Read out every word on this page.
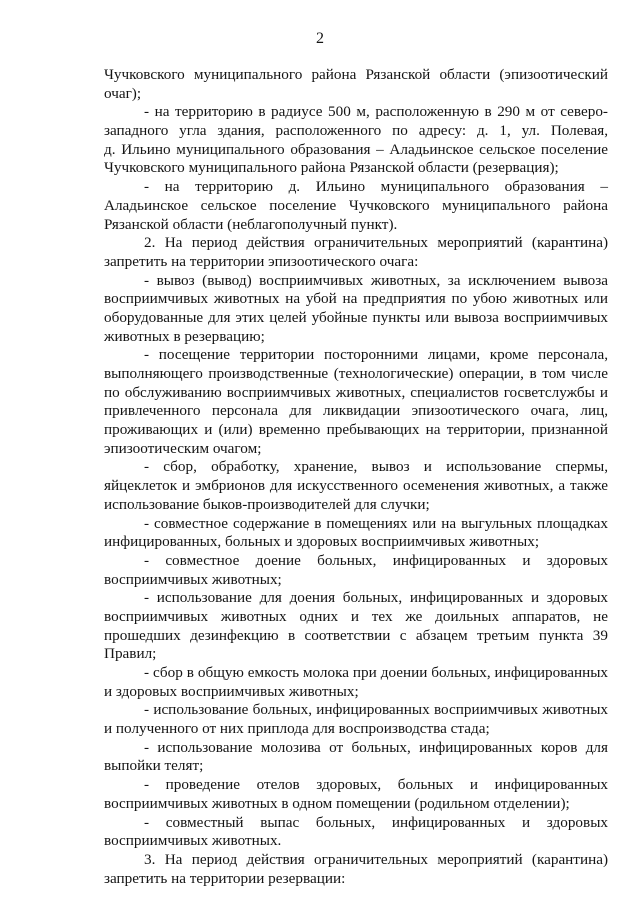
2
Чучковского муниципального района Рязанской области (эпизоотический
очаг);
- на территорию в радиусе 500 м, расположенную в 290 м от северо-
западного угла здания, расположенного по адресу: д. 1, ул. Полевая,
д. Ильино муниципального образования – Аладьинское сельское поселение
Чучковского муниципального района Рязанской области (резервация);
- на территорию д. Ильино муниципального образования –
Аладьинское сельское поселение Чучковского муниципального района
Рязанской области (неблагополучный пункт).
2. На период действия ограничительных мероприятий (карантина)
запретить на территории эпизоотического очага:
- вывоз (вывод) восприимчивых животных, за исключением вывоза
восприимчивых животных на убой на предприятия по убою животных или
оборудованные для этих целей убойные пункты или вывоза восприимчивых
животных в резервацию;
- посещение территории посторонними лицами, кроме персонала,
выполняющего производственные (технологические) операции, в том числе
по обслуживанию восприимчивых животных, специалистов госветслужбы и
привлеченного персонала для ликвидации эпизоотического очага, лиц,
проживающих и (или) временно пребывающих на территории, признанной
эпизоотическим очагом;
- сбор, обработку, хранение, вывоз и использование спермы,
яйцеклеток и эмбрионов для искусственного осеменения животных, а также
использование быков-производителей для случки;
- совместное содержание в помещениях или на выгульных площадках
инфицированных, больных и здоровых восприимчивых животных;
- совместное доение больных, инфицированных и здоровых
восприимчивых животных;
- использование для доения больных, инфицированных и здоровых
восприимчивых животных одних и тех же доильных аппаратов, не
прошедших дезинфекцию в соответствии с абзацем третьим пункта 39
Правил;
- сбор в общую емкость молока при доении больных, инфицированных
и здоровых восприимчивых животных;
- использование больных, инфицированных восприимчивых животных
и полученного от них приплода для воспроизводства стада;
- использование молозива от больных, инфицированных коров для
выпойки телят;
- проведение отелов здоровых, больных и инфицированных
восприимчивых животных в одном помещении (родильном отделении);
- совместный выпас больных, инфицированных и здоровых
восприимчивых животных.
3. На период действия ограничительных мероприятий (карантина)
запретить на территории резервации:
